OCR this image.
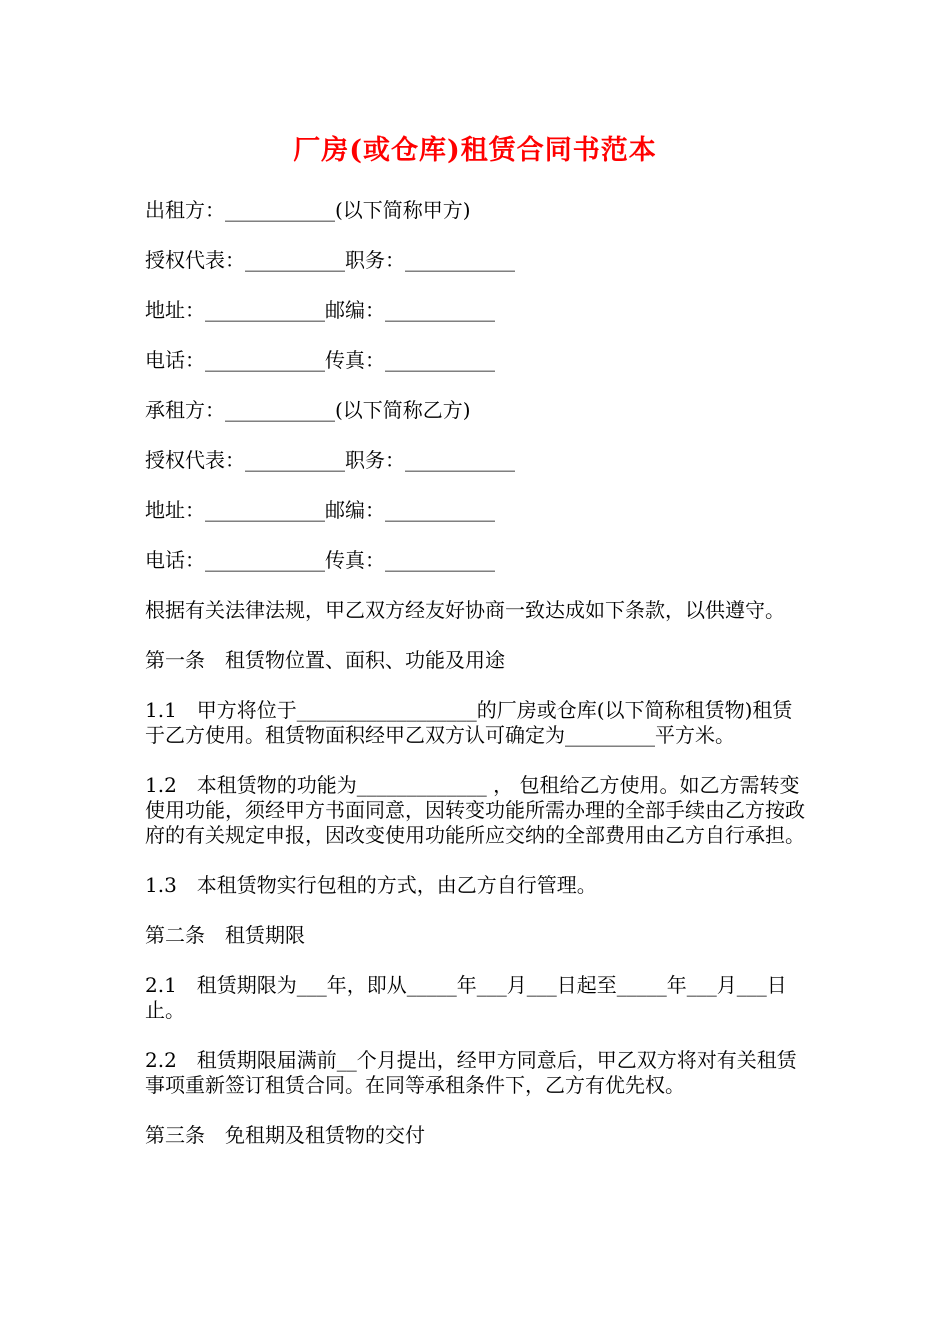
厂房(或仓库)租赁合同书范本

出租方：___________(以下简称甲方)

授权代表：__________职务：___________

地址：____________邮编：___________

电话：____________传真：___________

承租方：___________(以下简称乙方)

授权代表：__________职务：___________

地址：____________邮编：___________

电话：____________传真：___________

根据有关法律法规，甲乙双方经友好协商一致达成如下条款，以供遵守。

第一条　租赁物位置、面积、功能及用途

1.1　甲方将位于__________________的厂房或仓库(以下简称租赁物)租赁于乙方使用。租赁物面积经甲乙双方认可确定为_________平方米。

1.2　本租赁物的功能为_____________ ， 包租给乙方使用。如乙方需转变使用功能，须经甲方书面同意，因转变功能所需办理的全部手续由乙方按政府的有关规定申报，因改变使用功能所应交纳的全部费用由乙方自行承担。

1.3　本租赁物实行包租的方式，由乙方自行管理。

第二条　租赁期限

2.1　租赁期限为___年，即从_____年___月___日起至_____年___月___日止。

2.2　租赁期限届满前__个月提出，经甲方同意后，甲乙双方将对有关租赁事项重新签订租赁合同。在同等承租条件下，乙方有优先权。

第三条　免租期及租赁物的交付
